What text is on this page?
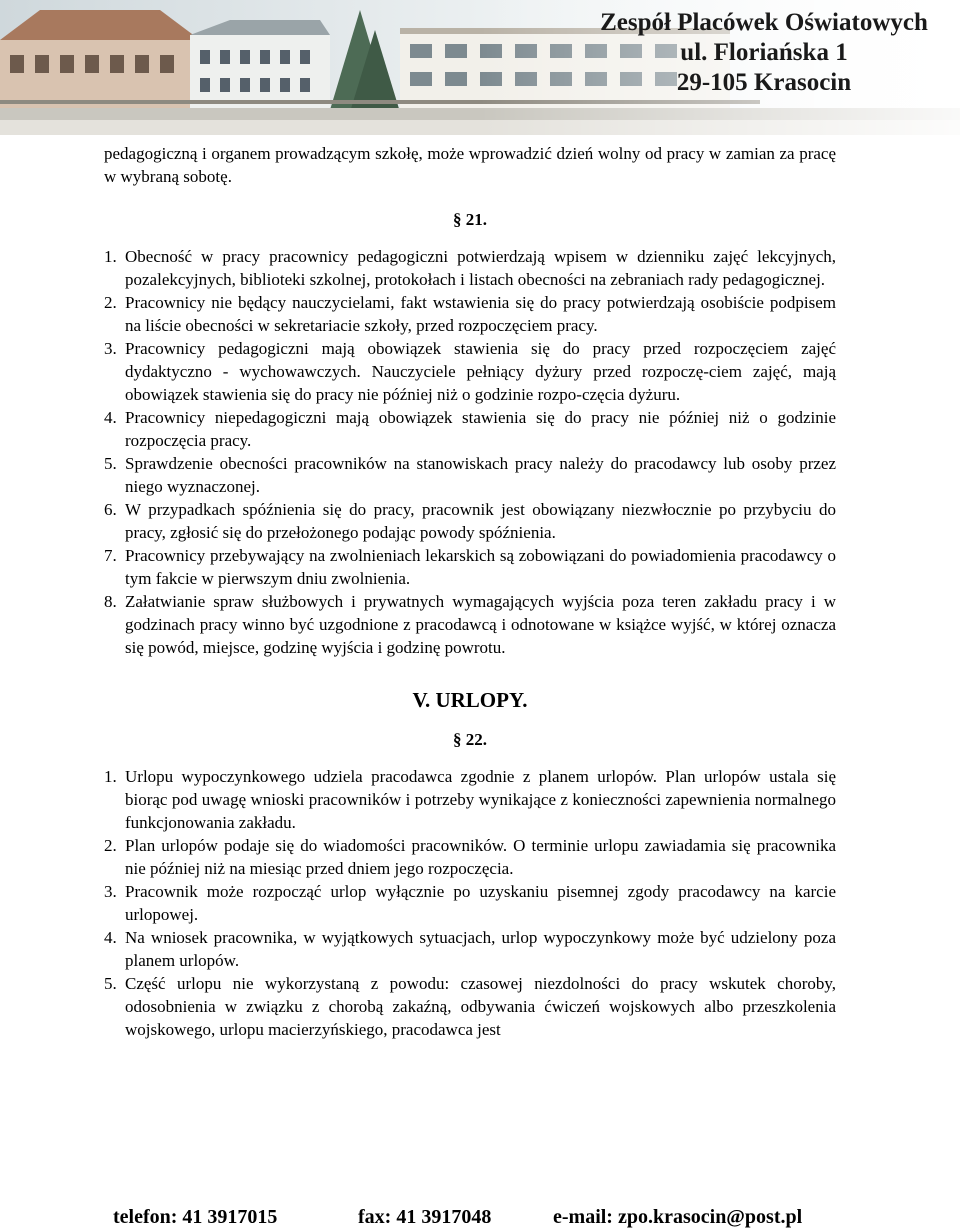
Zespół Placówek Oświatowych
ul. Floriańska 1
29-105 Krasocin

pedagogiczną i organem prowadzącym szkołę, może wprowadzić dzień wolny od pracy w zamian za pracę w wybraną sobotę.

§ 21.
1. Obecność w pracy pracownicy pedagogiczni potwierdzają wpisem w dzienniku zajęć lekcyjnych, pozalekcyjnych, biblioteki szkolnej, protokołach i listach obecności na zebraniach rady pedagogicznej.
2. Pracownicy nie będący nauczycielami, fakt wstawienia się do pracy potwierdzają osobiście podpisem na liście obecności w sekretariacie szkoły, przed rozpoczęciem pracy.
3. Pracownicy pedagogiczni mają obowiązek stawienia się do pracy przed rozpoczęciem zajęć dydaktyczno - wychowawczych. Nauczyciele pełniący dyżury przed rozpoczę-ciem zajęć, mają obowiązek stawienia się do pracy nie później niż o godzinie rozpo-częcia dyżuru.
4. Pracownicy niepedagogiczni mają obowiązek stawienia się do pracy nie później niż o godzinie rozpoczęcia pracy.
5. Sprawdzenie obecności pracowników na stanowiskach pracy należy do pracodawcy lub osoby przez niego wyznaczonej.
6. W przypadkach spóźnienia się do pracy, pracownik jest obowiązany niezwłocznie po przybyciu do pracy, zgłosić się do przełożonego podając powody spóźnienia.
7. Pracownicy przebywający na zwolnieniach lekarskich są zobowiązani do powiadomienia pracodawcy o tym fakcie w pierwszym dniu zwolnienia.
8. Załatwianie spraw służbowych i prywatnych wymagających wyjścia poza teren zakładu pracy i w godzinach pracy winno być uzgodnione z pracodawcą i odnotowane w książce wyjść, w której oznacza się powód, miejsce, godzinę wyjścia i godzinę powrotu.
V. URLOPY.
§ 22.
1. Urlopu wypoczynkowego udziela pracodawca zgodnie z planem urlopów. Plan urlopów ustala się biorąc pod uwagę wnioski pracowników i potrzeby wynikające z konieczności zapewnienia normalnego funkcjonowania zakładu.
2. Plan urlopów podaje się do wiadomości pracowników. O terminie urlopu zawiadamia się pracownika nie później niż na miesiąc przed dniem jego rozpoczęcia.
3. Pracownik może rozpocząć urlop wyłącznie po uzyskaniu pisemnej zgody pracodawcy na karcie urlopowej.
4. Na wniosek pracownika, w wyjątkowych sytuacjach, urlop wypoczynkowy może być udzielony poza planem urlopów.
5. Część urlopu nie wykorzystaną z powodu: czasowej niezdolności do pracy wskutek choroby, odosobnienia w związku z chorobą zakaźną, odbywania ćwiczeń wojskowych albo przeszkolenia wojskowego, urlopu macierzyńskiego, pracodawca jest
telefon: 41 3917015	fax: 41 3917048	e-mail: zpo.krasocin@post.pl
